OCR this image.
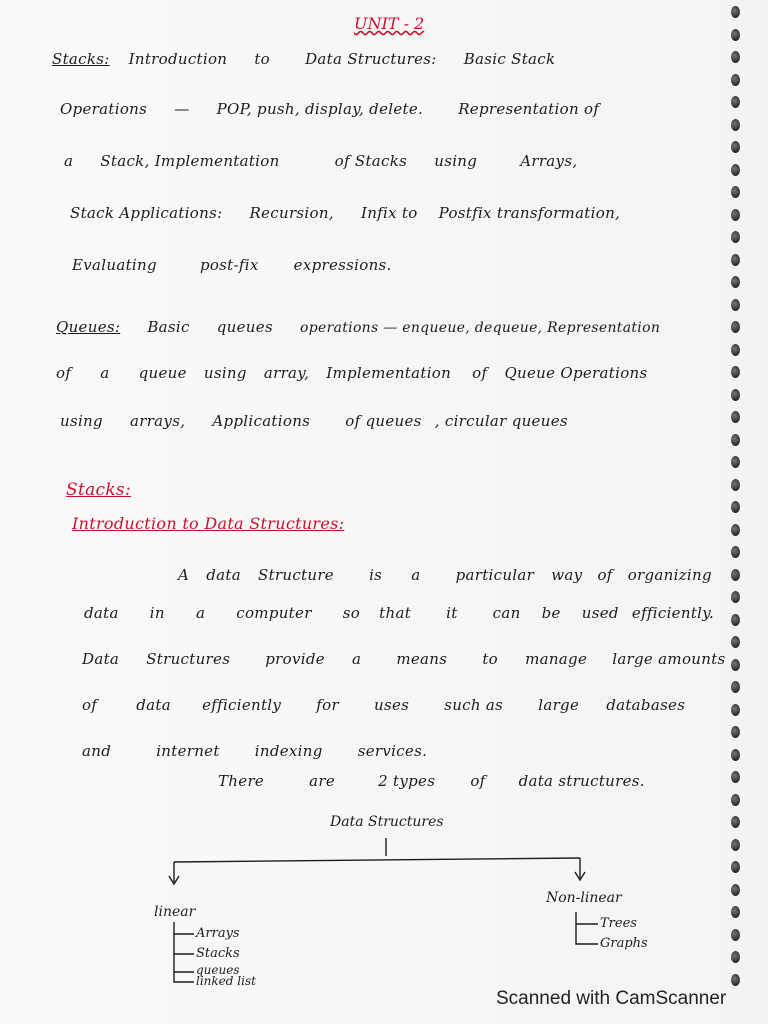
UNIT - 2
Stacks: Introduction to Data Structures: Basic Stack
Operations — POP, push, display, delete. Representation of
a Stack, Implementation	of Stacks using	Arrays,
Stack Applications: Recursion, Infix to Postfix transformation,
Evaluating	post-fix expressions.
Queues: Basic queues operations — enqueue, dequeue, Representation
of a queue using array, Implementation of Queue Operations
using arrays, Applications of queues , circular queues
Stacks:
Introduction to Data Structures:
A data Structure is a particular way of organizing
data in a computer so that it can be used efficiently.
Data Structures provide a means to manage large amounts
of	data efficiently for uses such as large databases
and	internet indexing services.
There	are	2 types of data structures.
Data Structures
linear
Arrays
Stacks
queues
linked list
Non-linear
Trees
Graphs
Scanned with CamScanner
